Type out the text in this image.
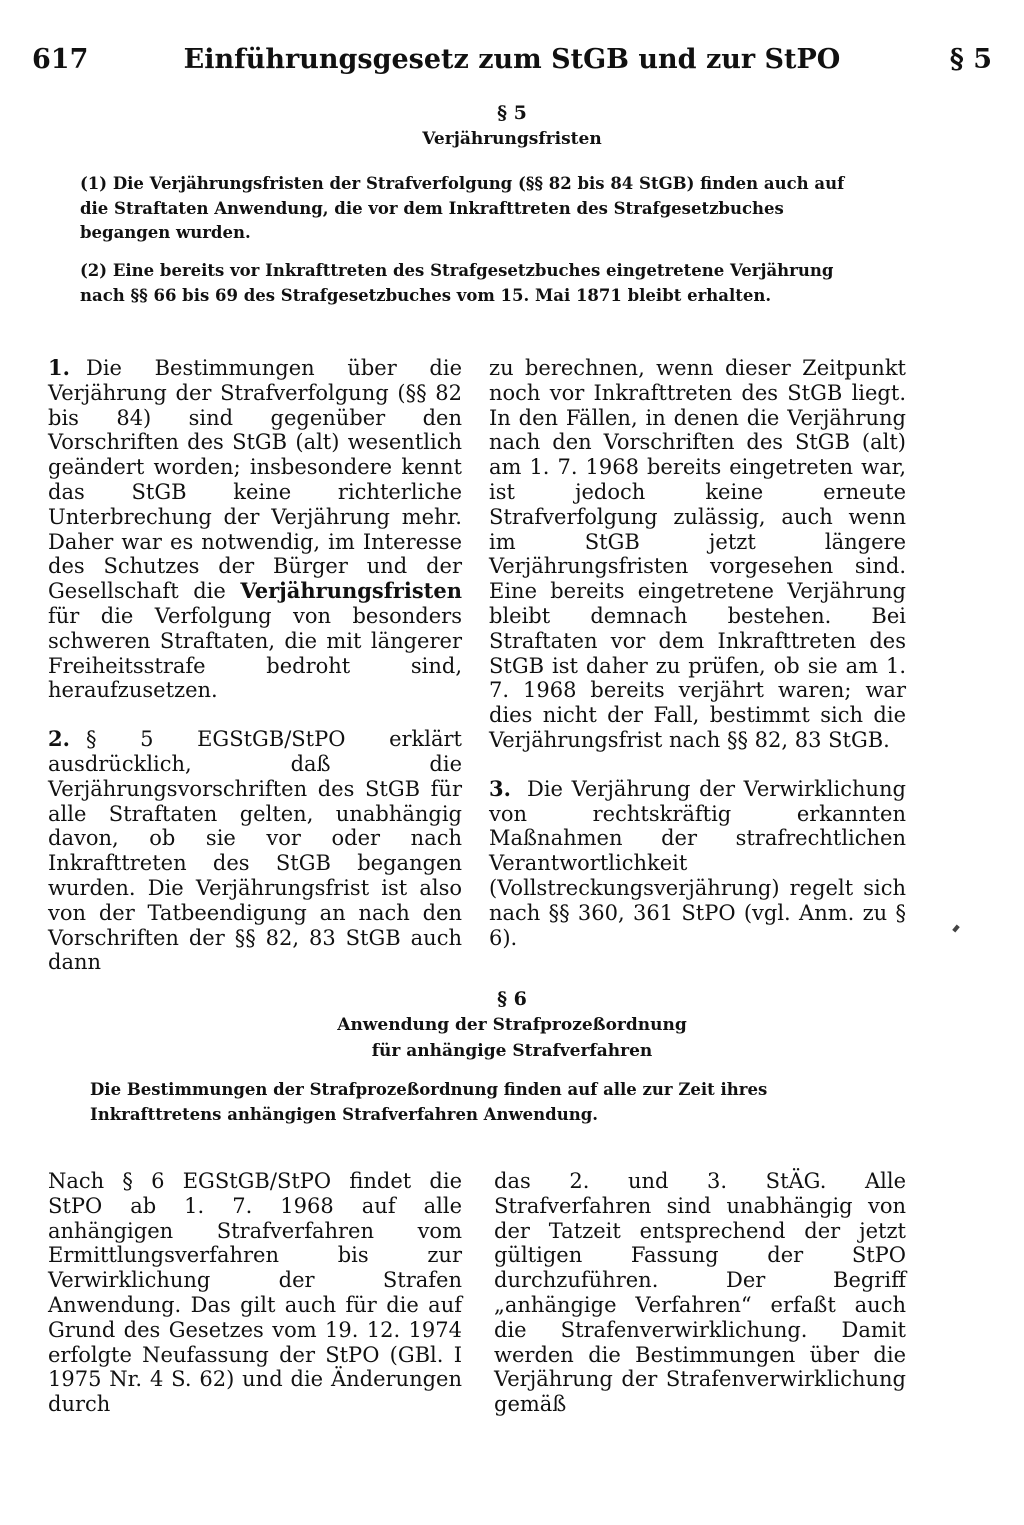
617	Einführungsgesetz zum StGB und zur StPO	§ 5
§ 5
Verjährungsfristen

(1) Die Verjährungsfristen der Strafverfolgung (§§ 82 bis 84 StGB) finden auch auf die Straftaten Anwendung, die vor dem Inkrafttreten des Strafgesetzbuches begangen wurden.

(2) Eine bereits vor Inkrafttreten des Strafgesetzbuches eingetretene Verjährung nach §§ 66 bis 69 des Strafgesetzbuches vom 15. Mai 1871 bleibt erhalten.

1. Die Bestimmungen über die Verjährung der Strafverfolgung (§§ 82 bis 84) sind gegenüber den Vorschriften des StGB (alt) wesentlich geändert worden; insbesondere kennt das StGB keine richterliche Unterbrechung der Verjährung mehr. Daher war es notwendig, im Interesse des Schutzes der Bürger und der Gesellschaft die Verjährungsfristen für die Verfolgung von besonders schweren Straftaten, die mit längerer Freiheitsstrafe bedroht sind, heraufzusetzen.

2. § 5 EGStGB/StPO erklärt ausdrücklich, daß die Verjährungsvorschriften des StGB für alle Straftaten gelten, unabhängig davon, ob sie vor oder nach Inkrafttreten des StGB begangen wurden. Die Verjährungsfrist ist also von der Tatbeendigung an nach den Vorschriften der §§ 82, 83 StGB auch dann

zu berechnen, wenn dieser Zeitpunkt noch vor Inkrafttreten des StGB liegt. In den Fällen, in denen die Verjährung nach den Vorschriften des StGB (alt) am 1. 7. 1968 bereits eingetreten war, ist jedoch keine erneute Strafverfolgung zulässig, auch wenn im StGB jetzt längere Verjährungsfristen vorgesehen sind. Eine bereits eingetretene Verjährung bleibt demnach bestehen. Bei Straftaten vor dem Inkrafttreten des StGB ist daher zu prüfen, ob sie am 1. 7. 1968 bereits verjährt waren; war dies nicht der Fall, bestimmt sich die Verjährungsfrist nach §§ 82, 83 StGB.

3. Die Verjährung der Verwirklichung von rechtskräftig erkannten Maßnahmen der strafrechtlichen Verantwortlichkeit (Vollstreckungsverjährung) regelt sich nach §§ 360, 361 StPO (vgl. Anm. zu § 6).

§ 6
Anwendung der Strafprozeßordnung
für anhängige Strafverfahren

Die Bestimmungen der Strafprozeßordnung finden auf alle zur Zeit ihres Inkrafttretens anhängigen Strafverfahren Anwendung.

Nach § 6 EGStGB/StPO findet die StPO ab 1. 7. 1968 auf alle anhängigen Strafverfahren vom Ermittlungsverfahren bis zur Verwirklichung der Strafen Anwendung. Das gilt auch für die auf Grund des Gesetzes vom 19. 12. 1974 erfolgte Neufassung der StPO (GBl. I 1975 Nr. 4 S. 62) und die Änderungen durch

das 2. und 3. StÄG. Alle Strafverfahren sind unabhängig von der Tatzeit entsprechend der jetzt gültigen Fassung der StPO durchzuführen. Der Begriff „anhängige Verfahren“ erfaßt auch die Strafenverwirklichung. Damit werden die Bestimmungen über die Verjährung der Strafenverwirklichung gemäß
